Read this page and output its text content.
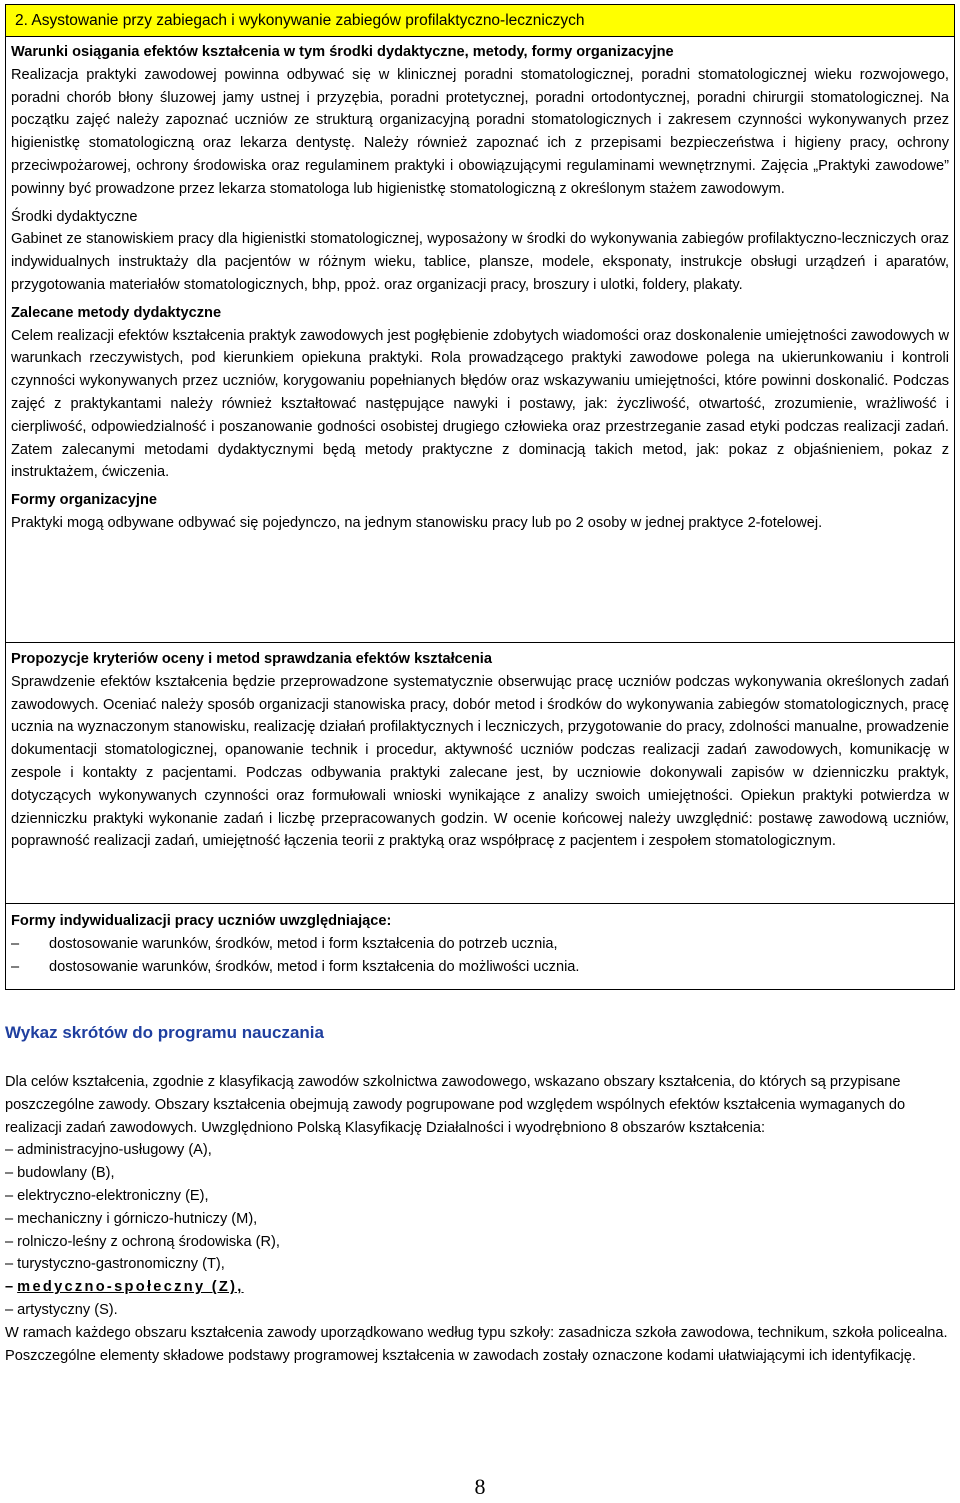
2. Asystowanie przy zabiegach i wykonywanie zabiegów profilaktyczno-leczniczych

Warunki osiągania efektów kształcenia w tym środki dydaktyczne, metody, formy organizacyjne

Realizacja praktyki zawodowej powinna odbywać się w klinicznej poradni stomatologicznej, poradni stomatologicznej wieku rozwojowego, poradni chorób błony śluzowej jamy ustnej i przyzębia, poradni protetycznej, poradni ortodontycznej, poradni chirurgii stomatologicznej. Na początku zajęć należy zapoznać uczniów ze strukturą organizacyjną poradni stomatologicznych i zakresem czynności wykonywanych przez higienistkę stomatologiczną oraz lekarza dentystę. Należy również zapoznać ich z przepisami bezpieczeństwa i higieny pracy, ochrony przeciwpożarowej, ochrony środowiska oraz regulaminem praktyki i obowiązującymi regulaminami wewnętrznymi. Zajęcia „Praktyki zawodowe” powinny być prowadzone przez lekarza stomatologa lub higienistkę stomatologiczną z określonym stażem zawodowym.

Środki dydaktyczne

Gabinet ze stanowiskiem pracy dla higienistki stomatologicznej, wyposażony w środki do wykonywania zabiegów profilaktyczno-leczniczych oraz indywidualnych instruktaży dla pacjentów w różnym wieku, tablice, plansze, modele, eksponaty, instrukcje obsługi urządzeń i aparatów, przygotowania materiałów stomatologicznych, bhp, ppoż. oraz organizacji pracy, broszury i ulotki, foldery, plakaty.

Zalecane metody dydaktyczne

Celem realizacji efektów kształcenia praktyk zawodowych jest pogłębienie zdobytych wiadomości oraz doskonalenie umiejętności zawodowych w warunkach rzeczywistych, pod kierunkiem opiekuna praktyki. Rola prowadzącego praktyki zawodowe polega na ukierunkowaniu i kontroli czynności wykonywanych przez uczniów, korygowaniu popełnianych błędów oraz wskazywaniu umiejętności, które powinni doskonalić. Podczas zajęć z praktykantami należy również kształtować następujące nawyki i postawy, jak: życzliwość, otwartość, zrozumienie, wrażliwość i cierpliwość, odpowiedzialność i poszanowanie godności osobistej drugiego człowieka oraz przestrzeganie zasad etyki podczas realizacji zadań. Zatem zalecanymi metodami dydaktycznymi będą metody praktyczne z dominacją takich metod, jak: pokaz z objaśnieniem, pokaz z instruktażem, ćwiczenia.

Formy organizacyjne

Praktyki mogą odbywane odbywać się pojedynczo, na jednym stanowisku pracy lub po 2 osoby w jednej praktyce 2-fotelowej.

Propozycje kryteriów oceny i metod sprawdzania efektów kształcenia

Sprawdzenie efektów kształcenia będzie przeprowadzone systematycznie obserwując pracę uczniów podczas wykonywania określonych zadań zawodowych. Oceniać należy sposób organizacji stanowiska pracy, dobór metod i środków do wykonywania zabiegów stomatologicznych, pracę ucznia na wyznaczonym stanowisku, realizację działań profilaktycznych i leczniczych, przygotowanie do pracy, zdolności manualne, prowadzenie dokumentacji stomatologicznej, opanowanie technik i procedur, aktywność uczniów podczas realizacji zadań zawodowych, komunikację w zespole i kontakty z pacjentami. Podczas odbywania praktyki zalecane jest, by uczniowie dokonywali zapisów w dzienniczku praktyk, dotyczących wykonywanych czynności oraz formułowali wnioski wynikające z analizy swoich umiejętności. Opiekun praktyki potwierdza w dzienniczku praktyki wykonanie zadań i liczbę przepracowanych godzin. W ocenie końcowej należy uwzględnić: postawę zawodową uczniów, poprawność realizacji zadań, umiejętność łączenia teorii z praktyką oraz współpracę z pacjentem i zespołem stomatologicznym.

Formy indywidualizacji pracy uczniów uwzględniające:

–	dostosowanie warunków, środków, metod i form kształcenia do potrzeb ucznia,
–	dostosowanie warunków, środków, metod i form kształcenia do możliwości ucznia.
Wykaz skrótów do programu nauczania

Dla celów kształcenia, zgodnie z klasyfikacją zawodów szkolnictwa zawodowego, wskazano obszary kształcenia, do których są przypisane poszczególne zawody. Obszary kształcenia obejmują zawody pogrupowane pod względem wspólnych efektów kształcenia wymaganych do realizacji zadań zawodowych. Uwzględniono Polską Klasyfikację Działalności i wyodrębniono 8 obszarów kształcenia:

– administracyjno-usługowy (A),

– budowlany (B),

– elektryczno-elektroniczny (E),

– mechaniczny i górniczo-hutniczy (M),

– rolniczo-leśny z ochroną środowiska (R),

– turystyczno-gastronomiczny (T),

– medyczno-społeczny (Z),

– artystyczny (S).

W ramach każdego obszaru kształcenia zawody uporządkowano według typu szkoły: zasadnicza szkoła zawodowa, technikum, szkoła policealna.

Poszczególne elementy składowe podstawy programowej kształcenia w zawodach zostały oznaczone kodami ułatwiającymi ich identyfikację.

8
